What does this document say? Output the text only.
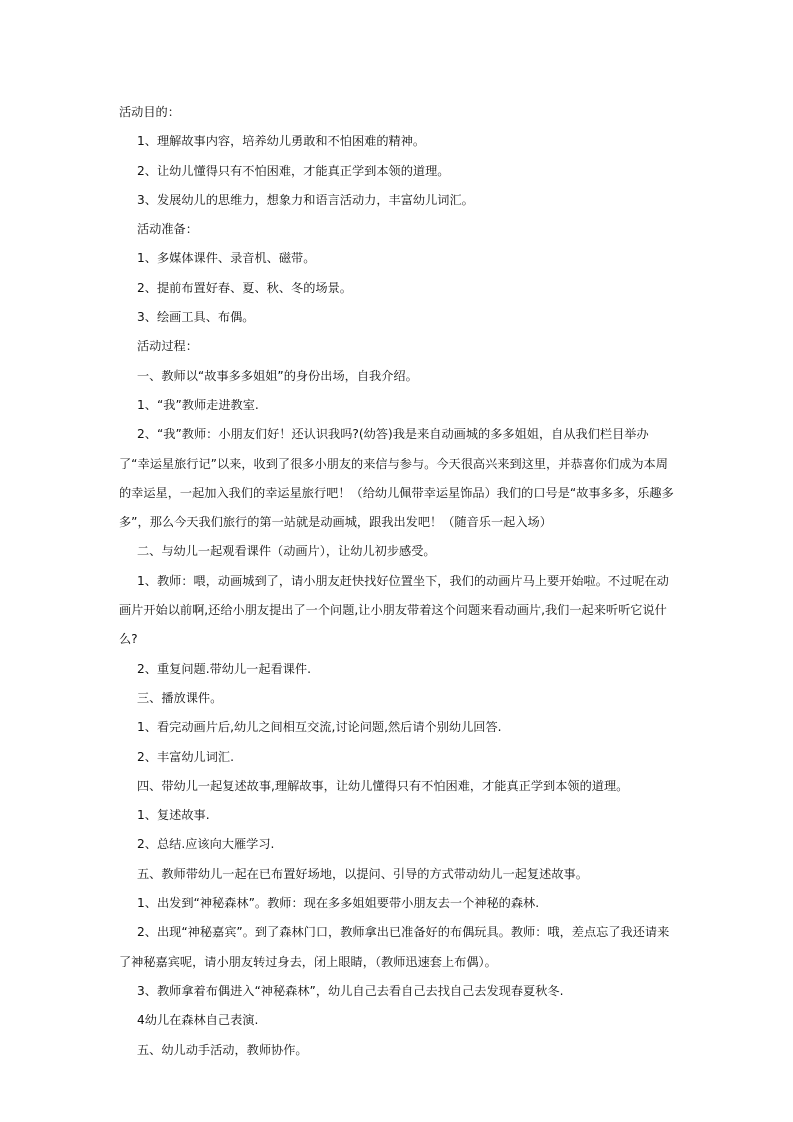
活动目的：

1、理解故事内容，培养幼儿勇敢和不怕困难的精神。

2、让幼儿懂得只有不怕困难，才能真正学到本领的道理。

3、发展幼儿的思维力，想象力和语言活动力，丰富幼儿词汇。

活动准备：

1、多媒体课件、录音机、磁带。

2、提前布置好春、夏、秋、冬的场景。

3、绘画工具、布偶。

活动过程：

一、教师以“故事多多姐姐”的身份出场，自我介绍。

1、“我”教师走进教室.

2、“我”教师：小朋友们好！还认识我吗?(幼答)我是来自动画城的多多姐姐，自从我们栏目举办了“幸运星旅行记”以来，收到了很多小朋友的来信与参与。今天很高兴来到这里，并恭喜你们成为本周的幸运星，一起加入我们的幸运星旅行吧！（给幼儿佩带幸运星饰品）我们的口号是“故事多多，乐趣多多”，那么今天我们旅行的第一站就是动画城，跟我出发吧！（随音乐一起入场）

二、与幼儿一起观看课件（动画片），让幼儿初步感受。

1、教师：喂，动画城到了，请小朋友赶快找好位置坐下，我们的动画片马上要开始啦。不过呢在动画片开始以前啊,还给小朋友提出了一个问题,让小朋友带着这个问题来看动画片,我们一起来听听它说什么?

2、重复问题.带幼儿一起看课件.

三、播放课件。

1、看完动画片后,幼儿之间相互交流,讨论问题,然后请个别幼儿回答.

2、丰富幼儿词汇.

四、带幼儿一起复述故事,理解故事，让幼儿懂得只有不怕困难，才能真正学到本领的道理。

1、复述故事.

2、总结.应该向大雁学习.

五、教师带幼儿一起在已布置好场地，以提问、引导的方式带动幼儿一起复述故事。

1、出发到“神秘森林”。教师：现在多多姐姐要带小朋友去一个神秘的森林.

2、出现“神秘嘉宾”。到了森林门口，教师拿出已准备好的布偶玩具。教师：哦，差点忘了我还请来了神秘嘉宾呢，请小朋友转过身去，闭上眼睛，（教师迅速套上布偶）。

3、教师拿着布偶进入“神秘森林”，幼儿自己去看自己去找自己去发现春夏秋冬.

4幼儿在森林自己表演.

五、幼儿动手活动，教师协作。
